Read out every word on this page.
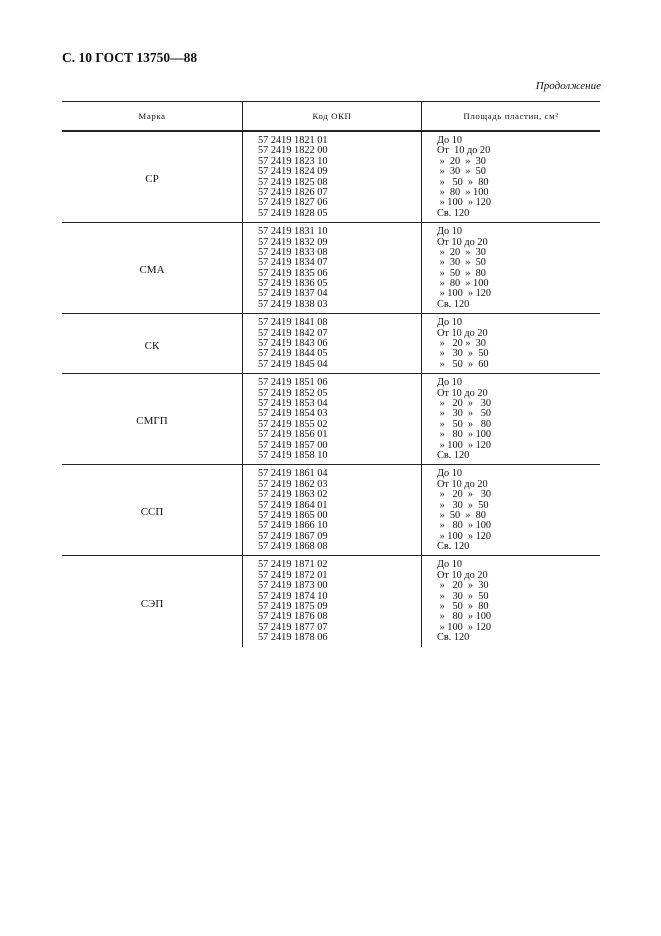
С. 10 ГОСТ 13750—88
Продолжение
Марка	Код ОКП	Площадь пластин, см²
СР
57 2419 1821 01
57 2419 1822 00
57 2419 1823 10
57 2419 1824 09
57 2419 1825 08
57 2419 1826 07
57 2419 1827 06
57 2419 1828 05
До 10
От  10 до 20
»  20  »  30
»  30  »  50
»   50  »  80
»  80  » 100
» 100  » 120
Св. 120
СМА
57 2419 1831 10
57 2419 1832 09
57 2419 1833 08
57 2419 1834 07
57 2419 1835 06
57 2419 1836 05
57 2419 1837 04
57 2419 1838 03
До 10
От 10 до 20
»  20  »  30
»  30  »  50
»  50  »  80
»  80  » 100
» 100  » 120
Св. 120
СК
57 2419 1841 08
57 2419 1842 07
57 2419 1843 06
57 2419 1844 05
57 2419 1845 04
До 10
От 10 до 20
»   20 »  30
»   30  »  50
»   50  »  60
СМГП
57 2419 1851 06
57 2419 1852 05
57 2419 1853 04
57 2419 1854 03
57 2419 1855 02
57 2419 1856 01
57 2419 1857 00
57 2419 1858 10
До 10
От 10 до 20
»   20  »   30
»   30  »   50
»   50  »   80
»   80  » 100
» 100  » 120
Св. 120
ССП
57 2419 1861 04
57 2419 1862 03
57 2419 1863 02
57 2419 1864 01
57 2419 1865 00
57 2419 1866 10
57 2419 1867 09
57 2419 1868 08
До 10
От 10 до 20
»   20  »   30
»   30  »  50
»  50  »  80
»   80  » 100
» 100  » 120
Св. 120
СЭП
57 2419 1871 02
57 2419 1872 01
57 2419 1873 00
57 2419 1874 10
57 2419 1875 09
57 2419 1876 08
57 2419 1877 07
57 2419 1878 06
До 10
От 10 до 20
»   20  »  30
»   30  »  50
»   50  »  80
»   80  » 100
» 100  » 120
Св. 120
